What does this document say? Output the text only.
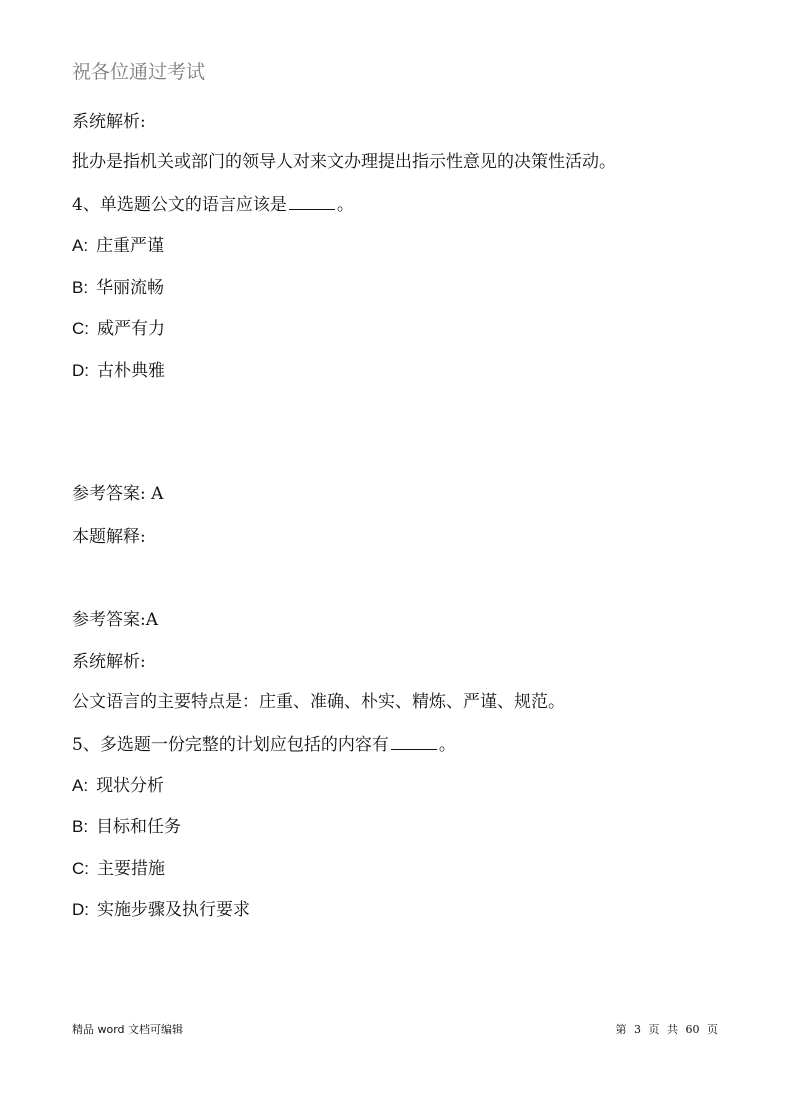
祝各位通过考试
系统解析:
批办是指机关或部门的领导人对来文办理提出指示性意见的决策性活动。
4、单选题公文的语言应该是	。
A: 庄重严谨
B: 华丽流畅
C: 威严有力
D: 古朴典雅
参考答案: A
本题解释:
参考答案:A
系统解析:
公文语言的主要特点是：庄重、准确、朴实、精炼、严谨、规范。
5、多选题一份完整的计划应包括的内容有	。
A: 现状分析
B: 目标和任务
C: 主要措施
D: 实施步骤及执行要求
精品 word 文档可编辑	第 3 页 共 60 页
